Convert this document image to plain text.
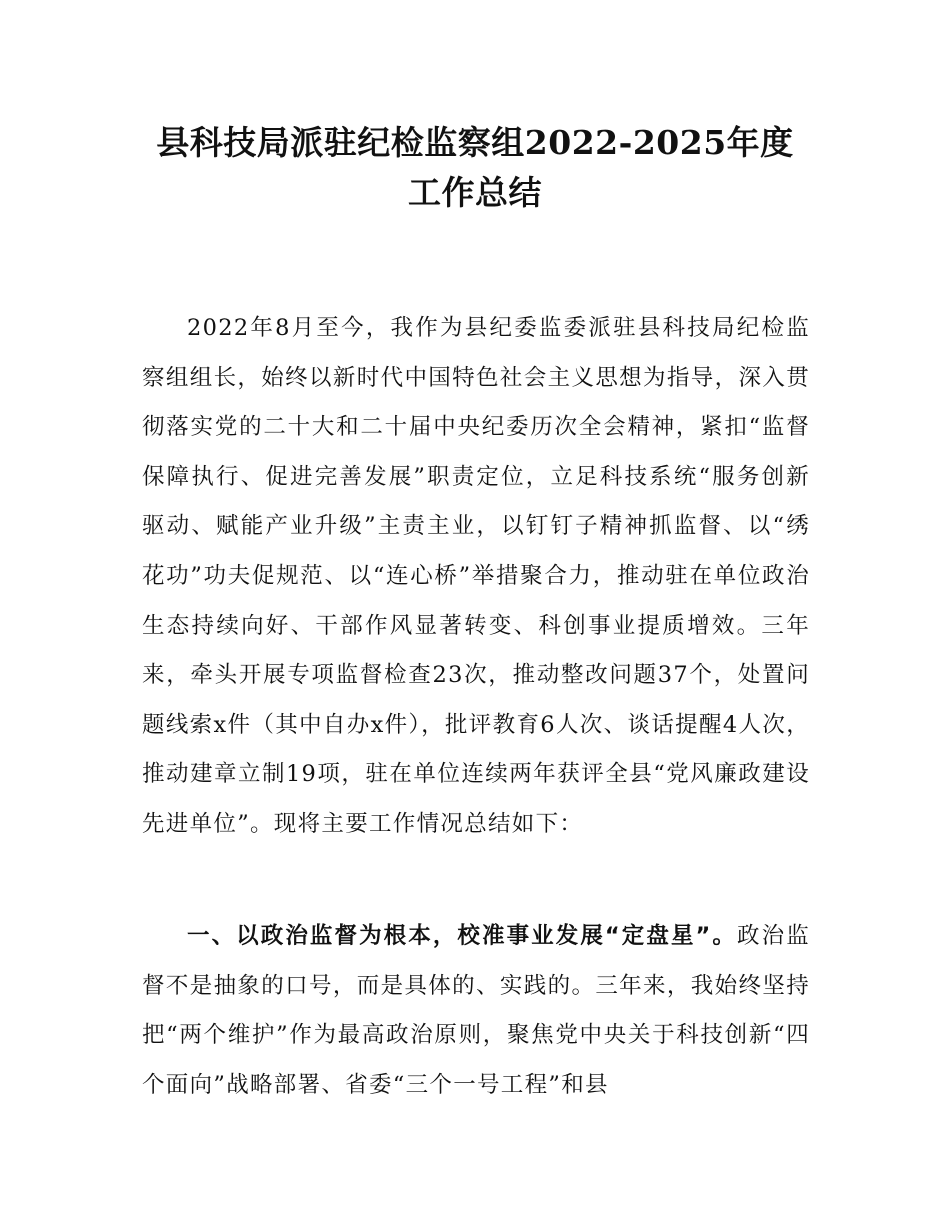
县科技局派驻纪检监察组2022-2025年度工作总结

2022年8月至今，我作为县纪委监委派驻县科技局纪检监察组组长，始终以新时代中国特色社会主义思想为指导，深入贯彻落实党的二十大和二十届中央纪委历次全会精神，紧扣“监督保障执行、促进完善发展”职责定位，立足科技系统“服务创新驱动、赋能产业升级”主责主业，以钉钉子精神抓监督、以“绣花功”功夫促规范、以“连心桥”举措聚合力，推动驻在单位政治生态持续向好、干部作风显著转变、科创事业提质增效。三年来，牵头开展专项监督检查23次，推动整改问题37个，处置问题线索x件（其中自办x件），批评教育6人次、谈话提醒4人次，推动建章立制19项，驻在单位连续两年获评全县“党风廉政建设先进单位”。现将主要工作情况总结如下：

一、以政治监督为根本，校准事业发展“定盘星”。政治监督不是抽象的口号，而是具体的、实践的。三年来，我始终坚持把“两个维护”作为最高政治原则，聚焦党中央关于科技创新“四个面向”战略部署、省委“三个一号工程”和县
